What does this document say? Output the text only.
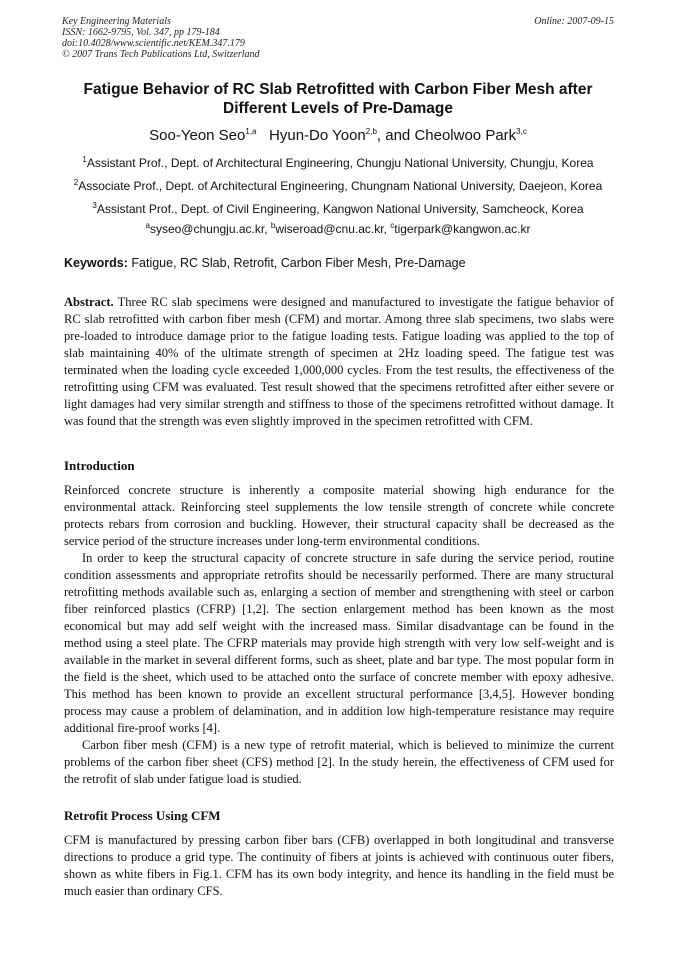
Key Engineering Materials
ISSN: 1662-9795, Vol. 347, pp 179-184
doi:10.4028/www.scientific.net/KEM.347.179
© 2007 Trans Tech Publications Ltd, Switzerland
Online: 2007-09-15
Fatigue Behavior of RC Slab Retrofitted with Carbon Fiber Mesh after
Different Levels of Pre-Damage
Soo-Yeon Seo$^{1,a}$ Hyun-Do Yoon$^{2,b}$, and Cheolwoo Park$^{3,c}$
$^1$Assistant Prof., Dept. of Architectural Engineering, Chungju National University, Chungju, Korea
$^2$Associate Prof., Dept. of Architectural Engineering, Chungnam National University, Daejeon, Korea
$^3$Assistant Prof., Dept. of Civil Engineering, Kangwon National University, Samcheock, Korea
$^a$syseo@chungju.ac.kr, $^b$wiseroad@cnu.ac.kr, $^c$tigerpark@kangwon.ac.kr
Keywords: Fatigue, RC Slab, Retrofit, Carbon Fiber Mesh, Pre-Damage

Abstract. Three RC slab specimens were designed and manufactured to investigate the fatigue behavior of RC slab retrofitted with carbon fiber mesh (CFM) and mortar. Among three slab specimens, two slabs were pre-loaded to introduce damage prior to the fatigue loading tests. Fatigue loading was applied to the top of slab maintaining 40% of the ultimate strength of specimen at 2Hz loading speed. The fatigue test was terminated when the loading cycle exceeded 1,000,000 cycles. From the test results, the effectiveness of the retrofitting using CFM was evaluated. Test result showed that the specimens retrofitted after either severe or light damages had very similar strength and stiffness to those of the specimens retrofitted without damage. It was found that the strength was even slightly improved in the specimen retrofitted with CFM.

Introduction

Reinforced concrete structure is inherently a composite material showing high endurance for the environmental attack. Reinforcing steel supplements the low tensile strength of concrete while concrete protects rebars from corrosion and buckling. However, their structural capacity shall be decreased as the service period of the structure increases under long-term environmental conditions.

In order to keep the structural capacity of concrete structure in safe during the service period, routine condition assessments and appropriate retrofits should be necessarily performed. There are many structural retrofitting methods available such as, enlarging a section of member and strengthening with steel or carbon fiber reinforced plastics (CFRP) [1,2]. The section enlargement method has been known as the most economical but may add self weight with the increased mass. Similar disadvantage can be found in the method using a steel plate. The CFRP materials may provide high strength with very low self-weight and is available in the market in several different forms, such as sheet, plate and bar type. The most popular form in the field is the sheet, which used to be attached onto the surface of concrete member with epoxy adhesive. This method has been known to provide an excellent structural performance [3,4,5]. However bonding process may cause a problem of delamination, and in addition low high-temperature resistance may require additional fire-proof works [4].

Carbon fiber mesh (CFM) is a new type of retrofit material, which is believed to minimize the current problems of the carbon fiber sheet (CFS) method [2]. In the study herein, the effectiveness of CFM used for the retrofit of slab under fatigue load is studied.

Retrofit Process Using CFM

CFM is manufactured by pressing carbon fiber bars (CFB) overlapped in both longitudinal and transverse directions to produce a grid type. The continuity of fibers at joints is achieved with continuous outer fibers, shown as white fibers in Fig.1. CFM has its own body integrity, and hence its handling in the field must be much easier than ordinary CFS.
